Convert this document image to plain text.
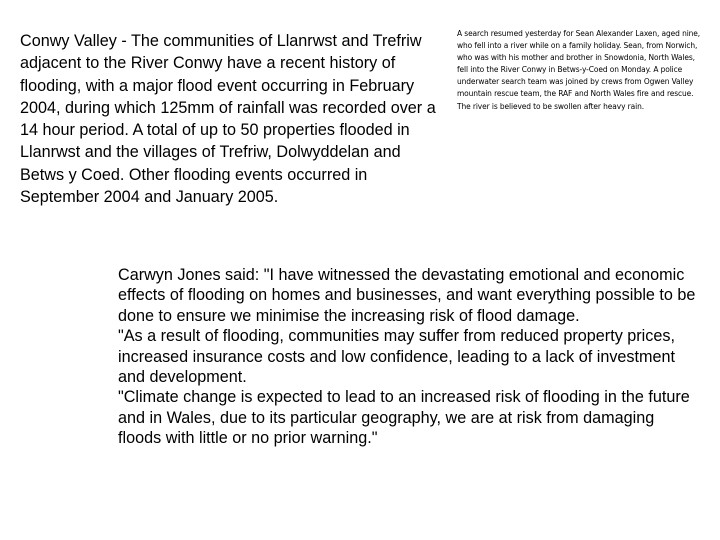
Conwy Valley - The communities of Llanrwst and Trefriw adjacent to the River Conwy have a recent history of flooding, with a major flood event occurring in February 2004, during which 125mm of rainfall was recorded over a 14 hour period. A total of up to 50 properties flooded in Llanrwst and the villages of Trefriw, Dolwyddelan and Betws y Coed. Other flooding events occurred in September 2004 and January 2005.

A search resumed yesterday for Sean Alexander Laxen, aged nine, who fell into a river while on a family holiday. Sean, from Norwich, who was with his mother and brother in Snowdonia, North Wales, fell into the River Conwy in Betws-y-Coed on Monday. A police underwater search team was joined by crews from Ogwen Valley mountain rescue team, the RAF and North Wales fire and rescue.

The river is believed to be swollen after heavy rain.

Carwyn Jones said: "I have witnessed the devastating emotional and economic effects of flooding on homes and businesses, and want everything possible to be done to ensure we minimise the increasing risk of flood damage.

"As a result of flooding, communities may suffer from reduced property prices, increased insurance costs and low confidence, leading to a lack of investment and development.

"Climate change is expected to lead to an increased risk of flooding in the future and in Wales, due to its particular geography, we are at risk from damaging floods with little or no prior warning."
